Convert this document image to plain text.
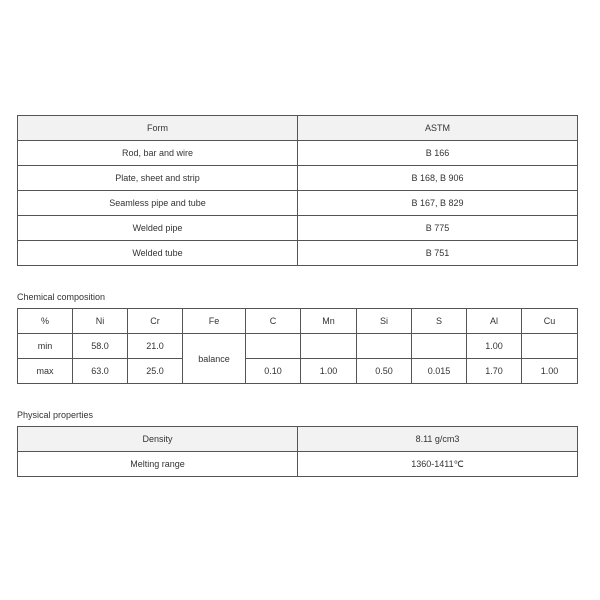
Form	ASTM
Rod, bar and wire	B 166
Plate, sheet and strip	B 168, B 906
Seamless pipe and tube	B 167, B 829
Welded pipe	B 775
Welded tube	B 751

Chemical composition

%	Ni	Cr	Fe	C	Mn	Si	S	Al	Cu
min	58.0	21.0	balance					1.00	
max	63.0	25.0		0.10	1.00	0.50	0.015	1.70	1.00

Physical properties

Density	8.11 g/cm3
Melting range	1360-1411℃
